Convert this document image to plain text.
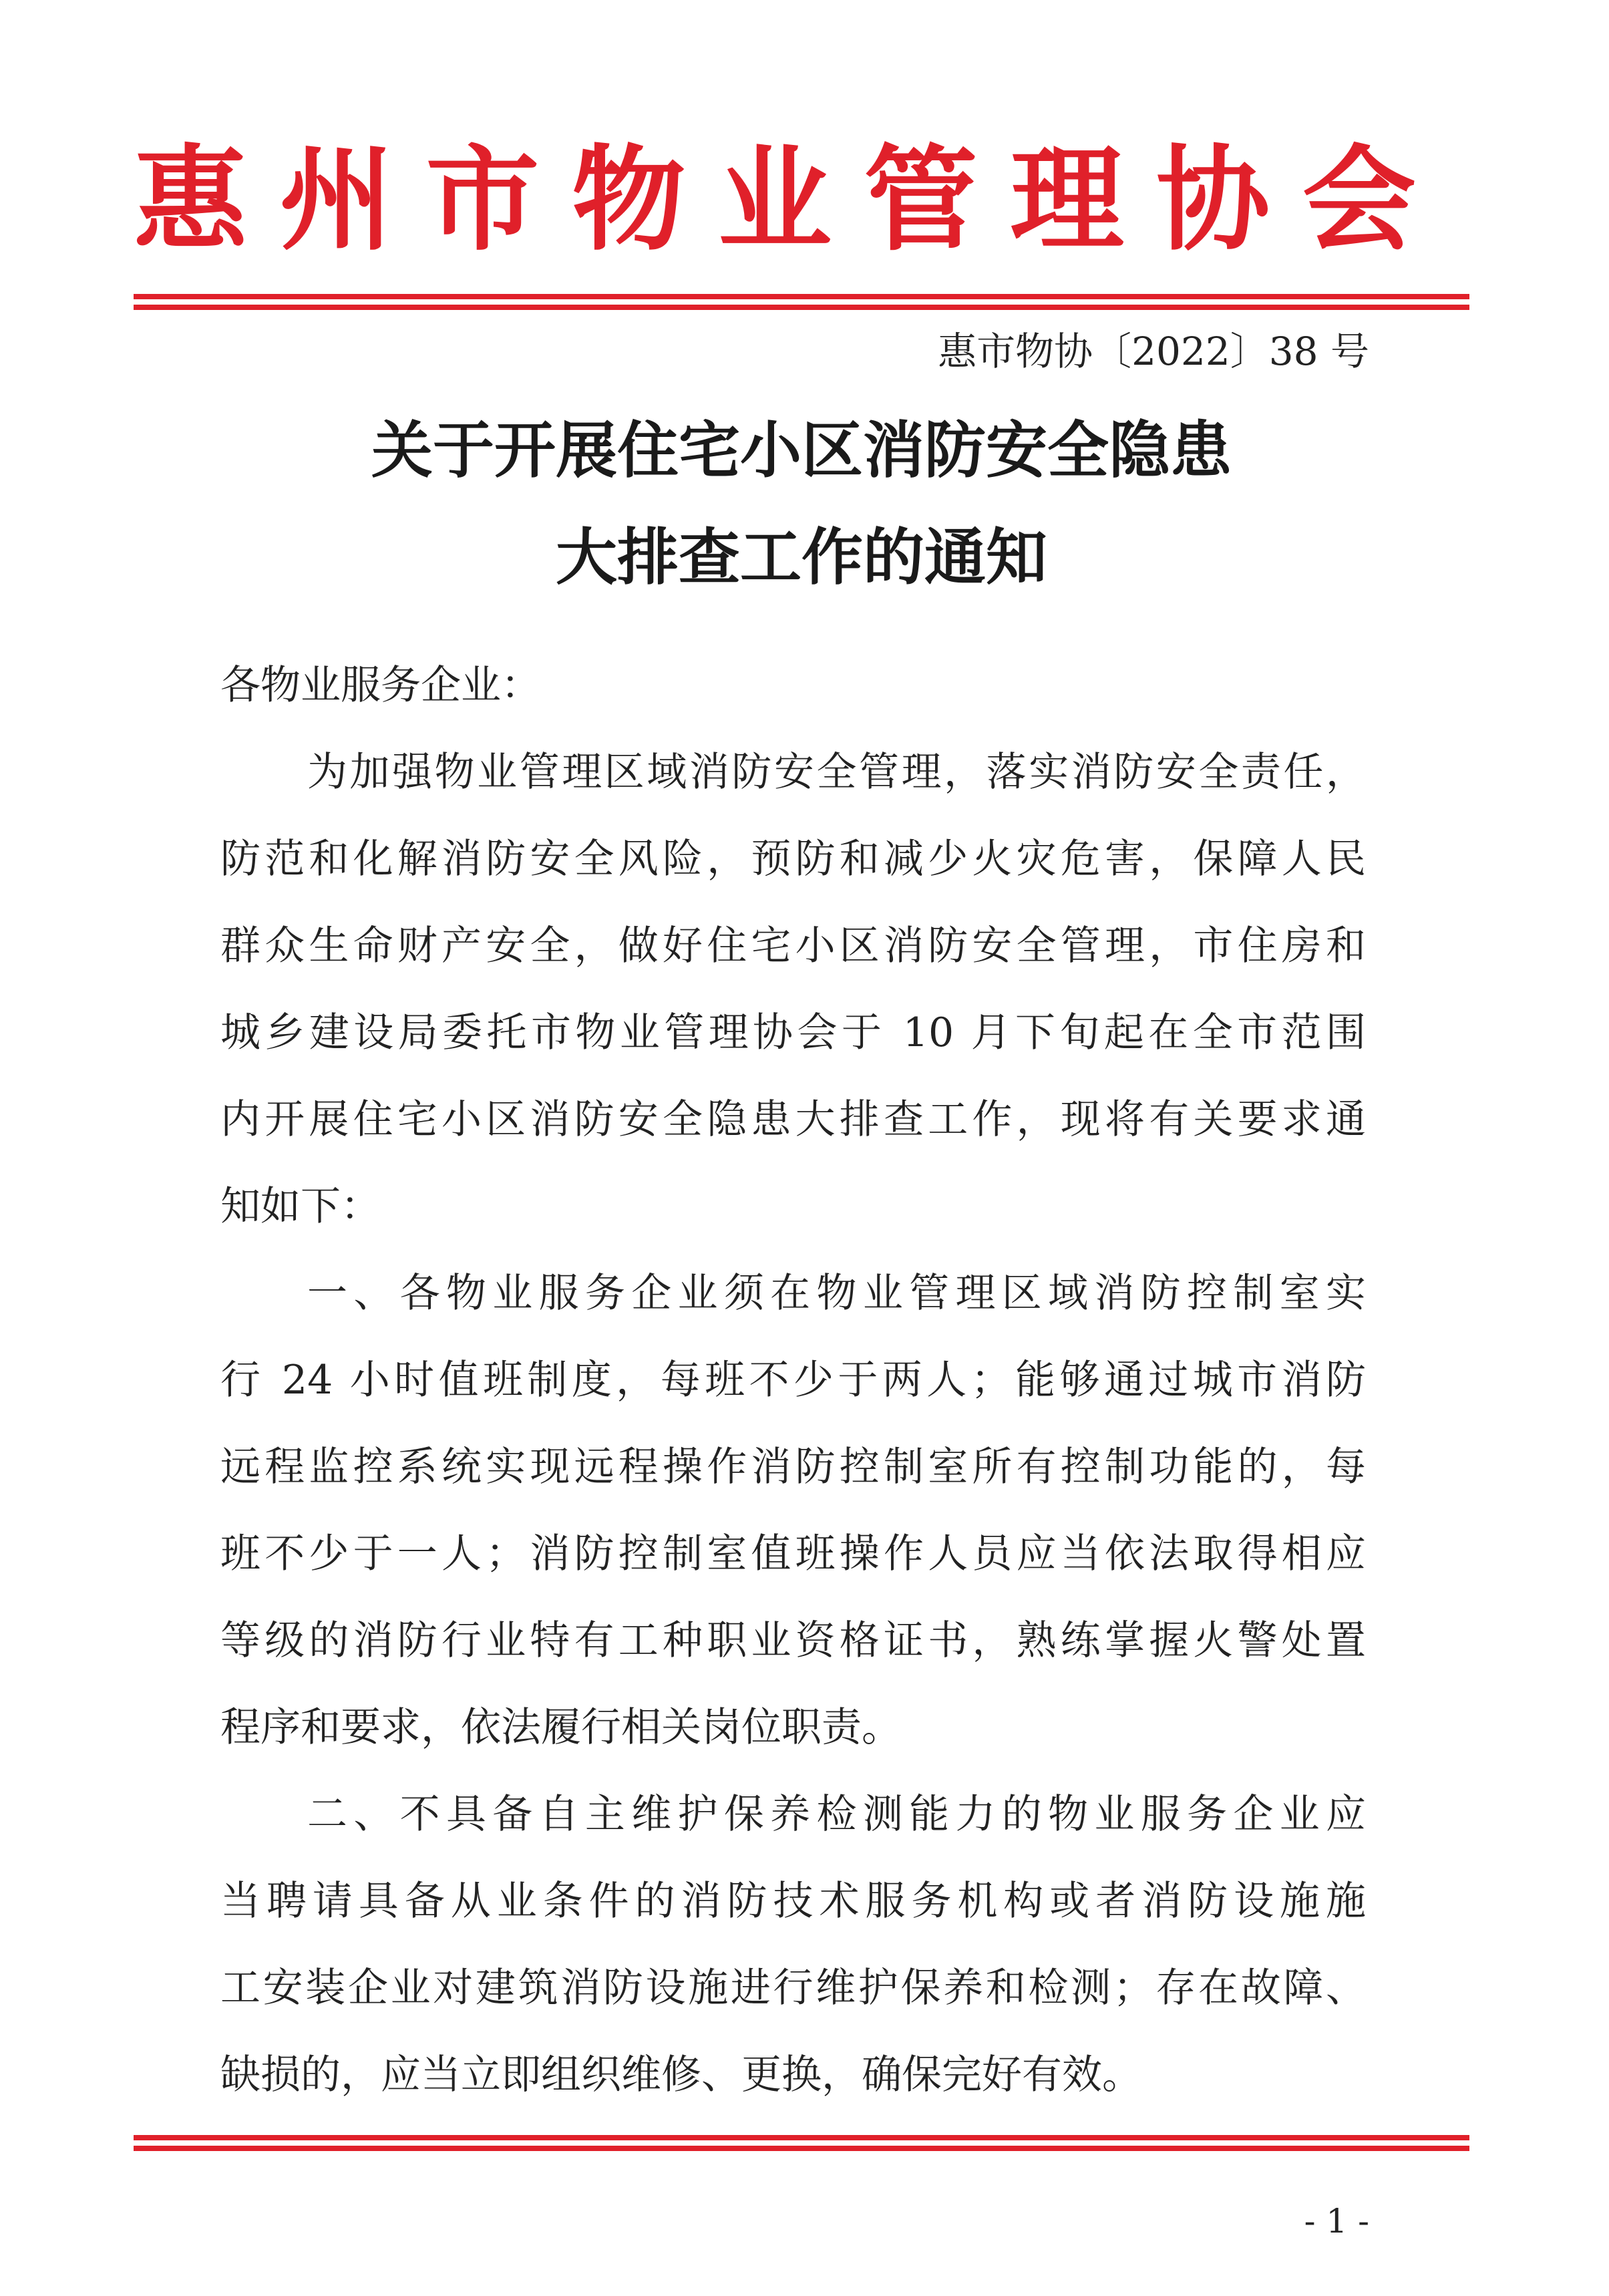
惠 州 市 物 业 管 理 协 会

惠市物协〔2022〕38 号

关于开展住宅小区消防安全隐患
大排查工作的通知

各物业服务企业：

为加强物业管理区域消防安全管理，落实消防安全责任，

防范和化解消防安全风险，预防和减少火灾危害，保障人民

群众生命财产安全，做好住宅小区消防安全管理，市住房和

城乡建设局委托市物业管理协会于 10 月下旬起在全市范围

内开展住宅小区消防安全隐患大排查工作，现将有关要求通

知如下：

一、各物业服务企业须在物业管理区域消防控制室实

行 24 小时值班制度，每班不少于两人；能够通过城市消防

远程监控系统实现远程操作消防控制室所有控制功能的，每

班不少于一人；消防控制室值班操作人员应当依法取得相应

等级的消防行业特有工种职业资格证书，熟练掌握火警处置

程序和要求，依法履行相关岗位职责。

二、不具备自主维护保养检测能力的物业服务企业应

当聘请具备从业条件的消防技术服务机构或者消防设施施

工安装企业对建筑消防设施进行维护保养和检测；存在故障、

缺损的，应当立即组织维修、更换，确保完好有效。

- 1 -
